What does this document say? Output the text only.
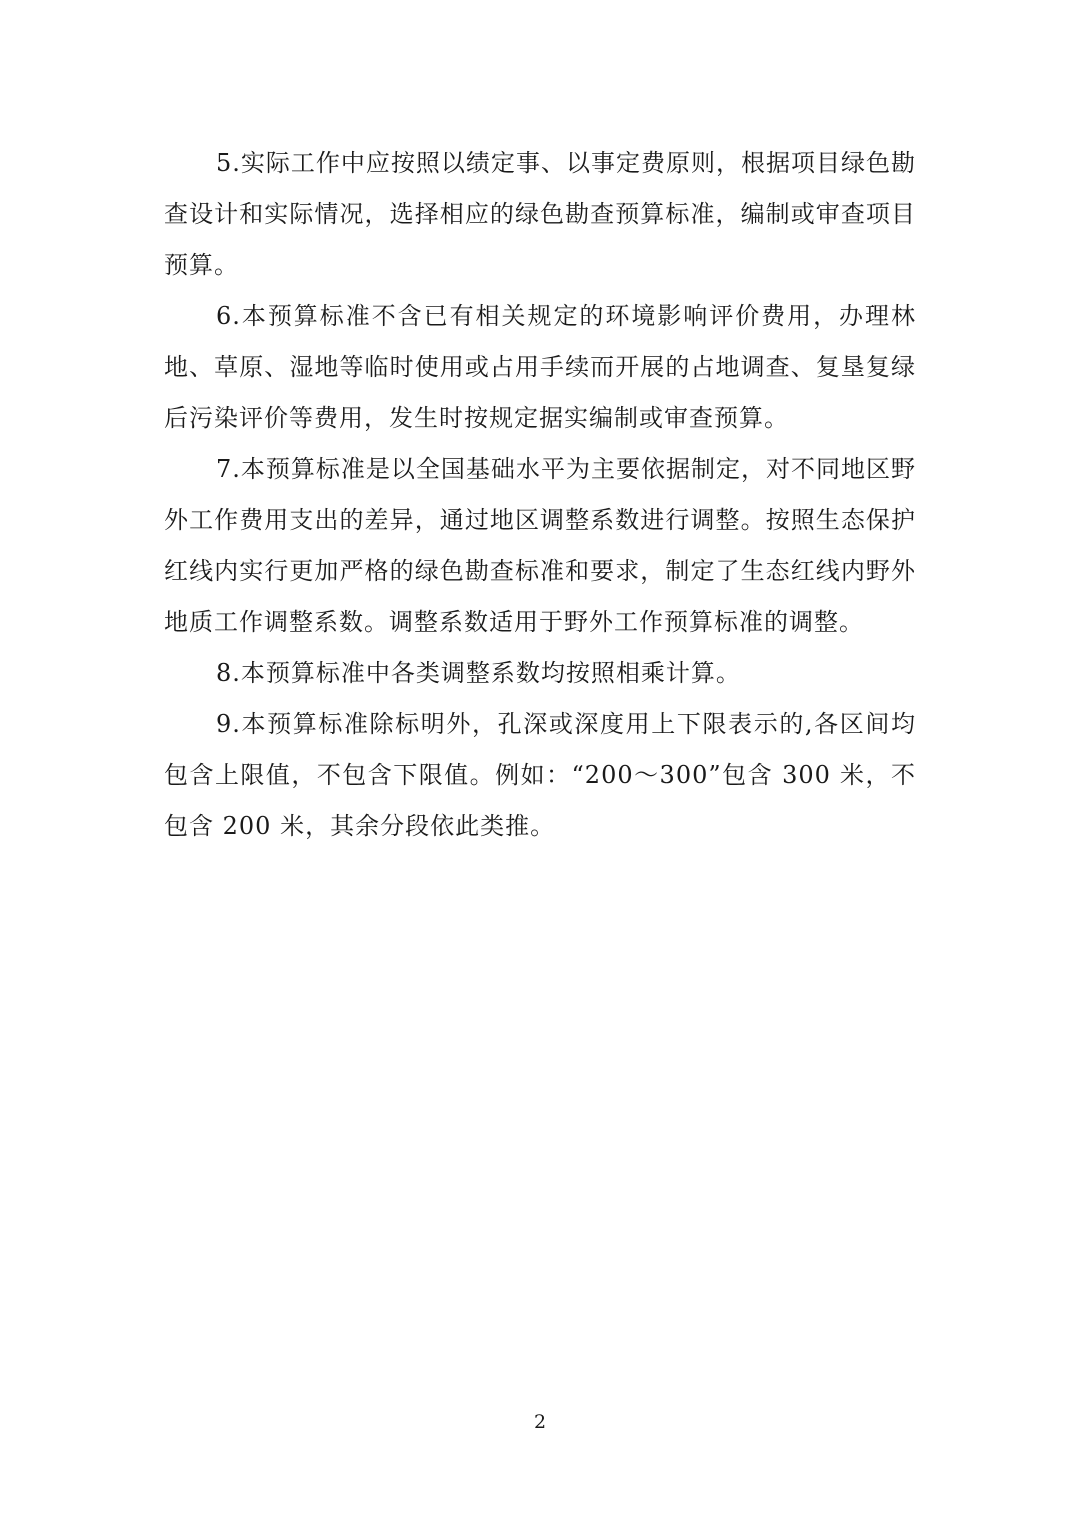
5.实际工作中应按照以绩定事、以事定费原则，根据项目绿色勘查设计和实际情况，选择相应的绿色勘查预算标准，编制或审查项目预算。

6.本预算标准不含已有相关规定的环境影响评价费用，办理林地、草原、湿地等临时使用或占用手续而开展的占地调查、复垦复绿后污染评价等费用，发生时按规定据实编制或审查预算。

7.本预算标准是以全国基础水平为主要依据制定，对不同地区野外工作费用支出的差异，通过地区调整系数进行调整。按照生态保护红线内实行更加严格的绿色勘查标准和要求，制定了生态红线内野外地质工作调整系数。调整系数适用于野外工作预算标准的调整。

8.本预算标准中各类调整系数均按照相乘计算。

9.本预算标准除标明外，孔深或深度用上下限表示的,各区间均包含上限值，不包含下限值。例如：“200～300”包含 300 米，不包含 200 米，其余分段依此类推。

2
